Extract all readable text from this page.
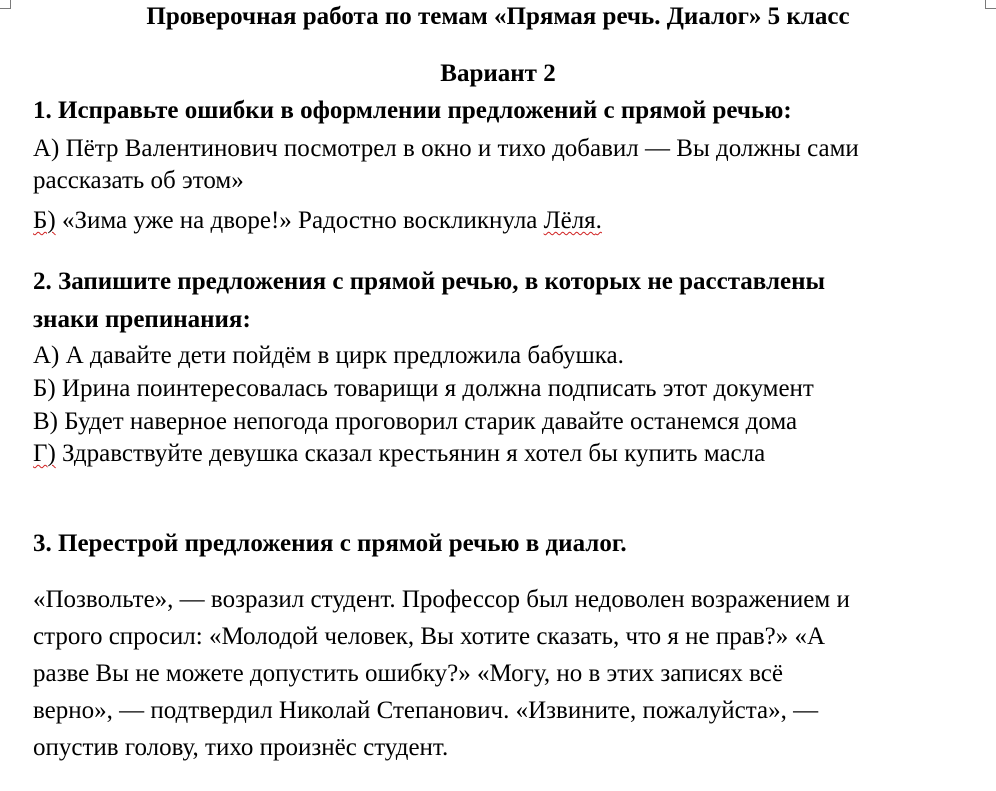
Проверочная работа по темам «Прямая речь. Диалог» 5 класс
Вариант 2
1. Исправьте ошибки в оформлении предложений с прямой речью:
А) Пётр Валентинович посмотрел в окно и тихо добавил — Вы должны сами
рассказать об этом»
Б) «Зима уже на дворе!» Радостно воскликнула Лёля.
2. Запишите предложения с прямой речью, в которых не расставлены
знаки препинания:
А) А давайте дети пойдём в цирк предложила бабушка.
Б) Ирина поинтересовалась товарищи я должна подписать этот документ
В) Будет наверное непогода проговорил старик давайте останемся дома
Г) Здравствуйте девушка сказал крестьянин я хотел бы купить масла
3. Перестрой предложения с прямой речью в диалог.
«Позвольте», — возразил студент. Профессор был недоволен возражением и
строго спросил: «Молодой человек, Вы хотите сказать, что я не прав?» «А
разве Вы не можете допустить ошибку?» «Могу, но в этих записях всё
верно», — подтвердил Николай Степанович. «Извините, пожалуйста», —
опустив голову, тихо произнёс студент.
